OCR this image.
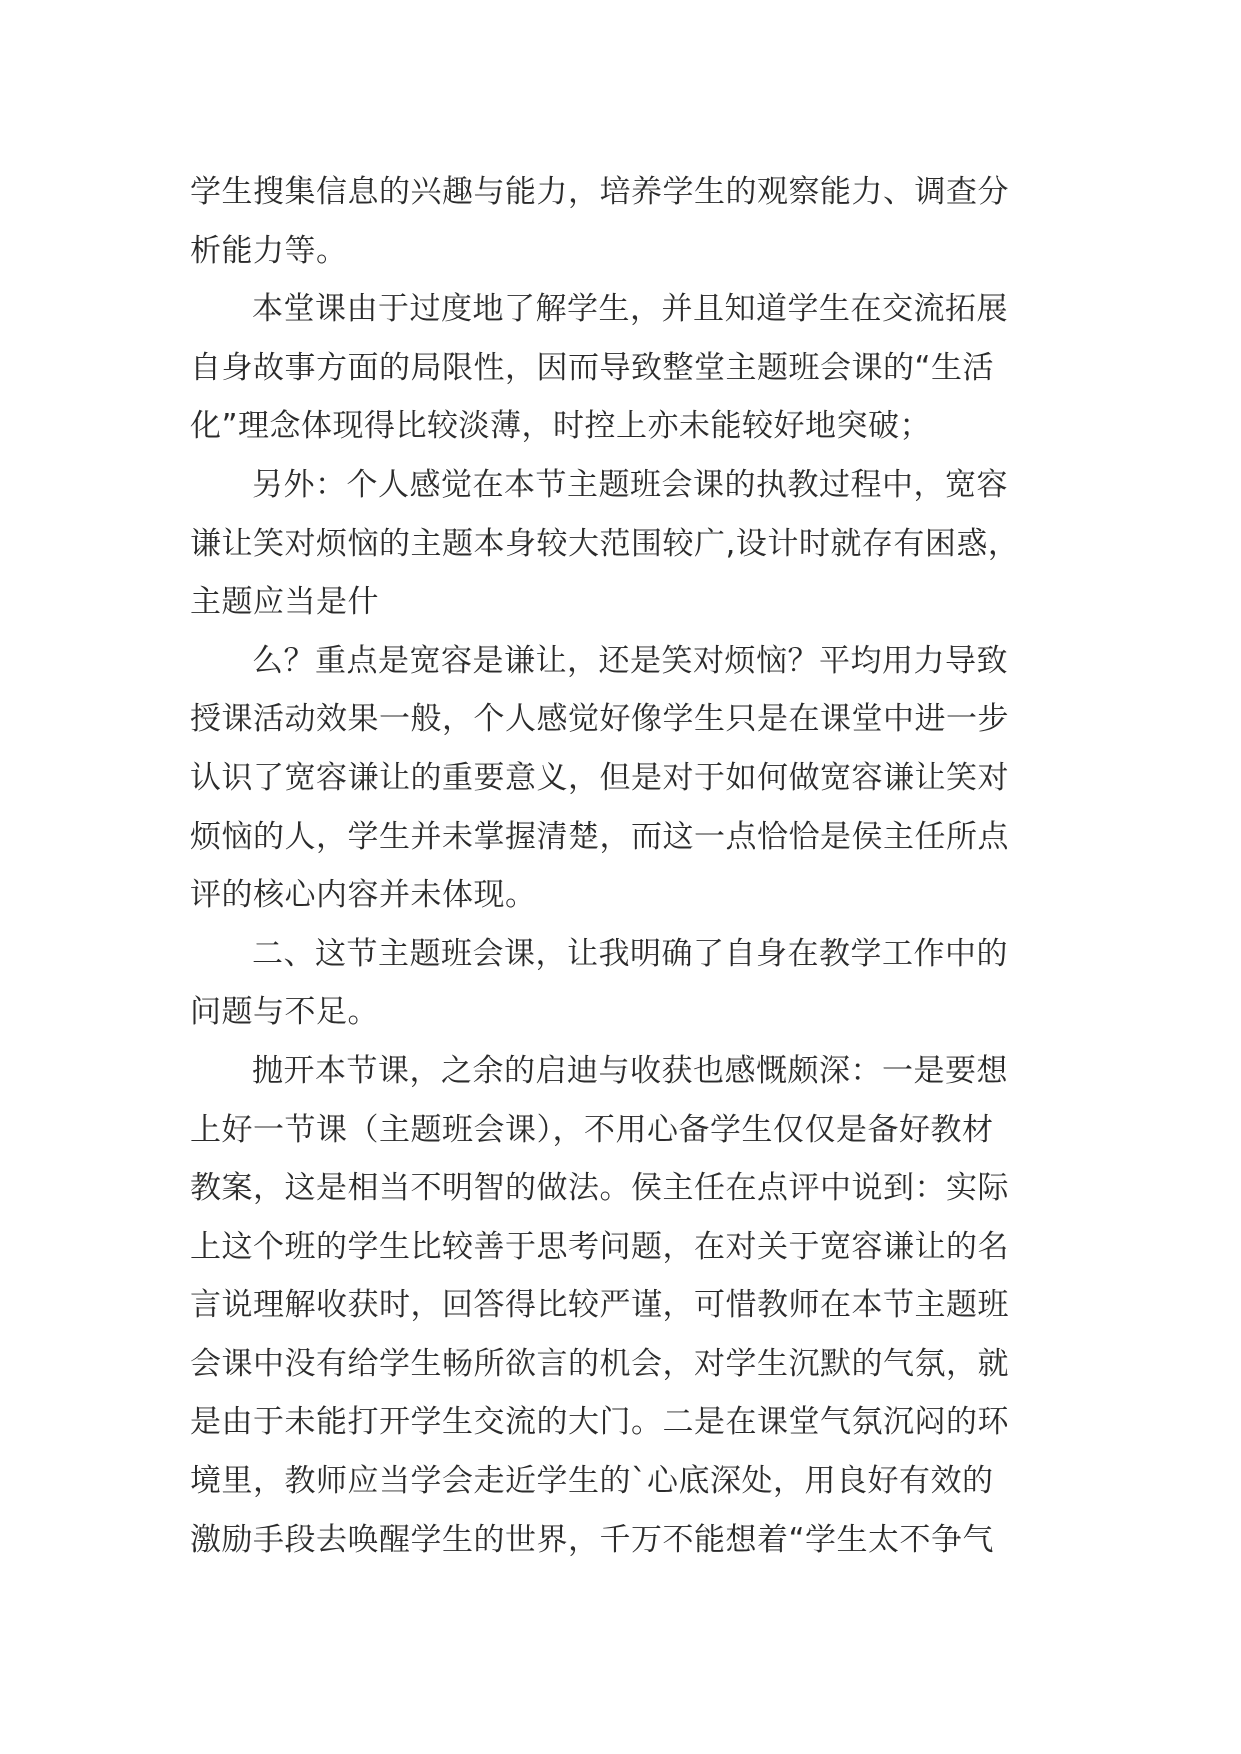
学生搜集信息的兴趣与能力，培养学生的观察能力、调查分
析能力等。
本堂课由于过度地了解学生，并且知道学生在交流拓展
自身故事方面的局限性，因而导致整堂主题班会课的“生活
化”理念体现得比较淡薄，时控上亦未能较好地突破；
另外：个人感觉在本节主题班会课的执教过程中，宽容
谦让笑对烦恼的主题本身较大范围较广,设计时就存有困惑，
主题应当是什
么？重点是宽容是谦让，还是笑对烦恼？平均用力导致
授课活动效果一般，个人感觉好像学生只是在课堂中进一步
认识了宽容谦让的重要意义，但是对于如何做宽容谦让笑对
烦恼的人，学生并未掌握清楚，而这一点恰恰是侯主任所点
评的核心内容并未体现。
二、这节主题班会课，让我明确了自身在教学工作中的
问题与不足。
抛开本节课，之余的启迪与收获也感慨颇深：一是要想
上好一节课（主题班会课），不用心备学生仅仅是备好教材
教案，这是相当不明智的做法。侯主任在点评中说到：实际
上这个班的学生比较善于思考问题，在对关于宽容谦让的名
言说理解收获时，回答得比较严谨，可惜教师在本节主题班
会课中没有给学生畅所欲言的机会，对学生沉默的气氛，就
是由于未能打开学生交流的大门。二是在课堂气氛沉闷的环
境里，教师应当学会走近学生的`心底深处，用良好有效的
激励手段去唤醒学生的世界，千万不能想着“学生太不争气
